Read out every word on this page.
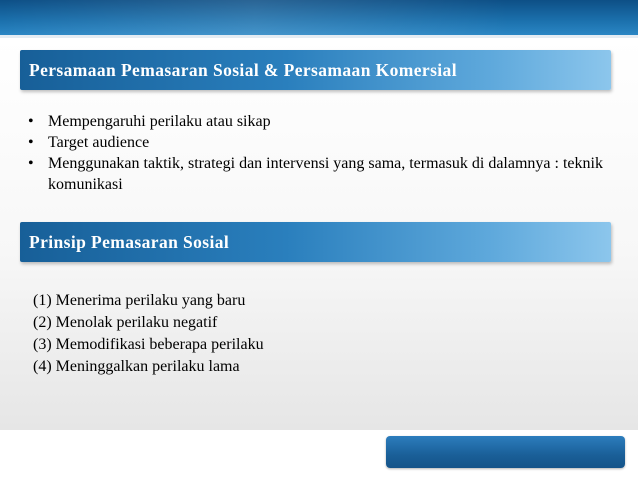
Persamaan Pemasaran Sosial & Persamaan Komersial
• Mempengaruhi perilaku atau sikap
• Target audience
• Menggunakan taktik, strategi dan intervensi yang sama, termasuk di dalamnya : teknik komunikasi
Prinsip Pemasaran Sosial
(1) Menerima perilaku yang baru
(2) Menolak perilaku negatif
(3) Memodifikasi beberapa perilaku
(4) Meninggalkan perilaku lama
